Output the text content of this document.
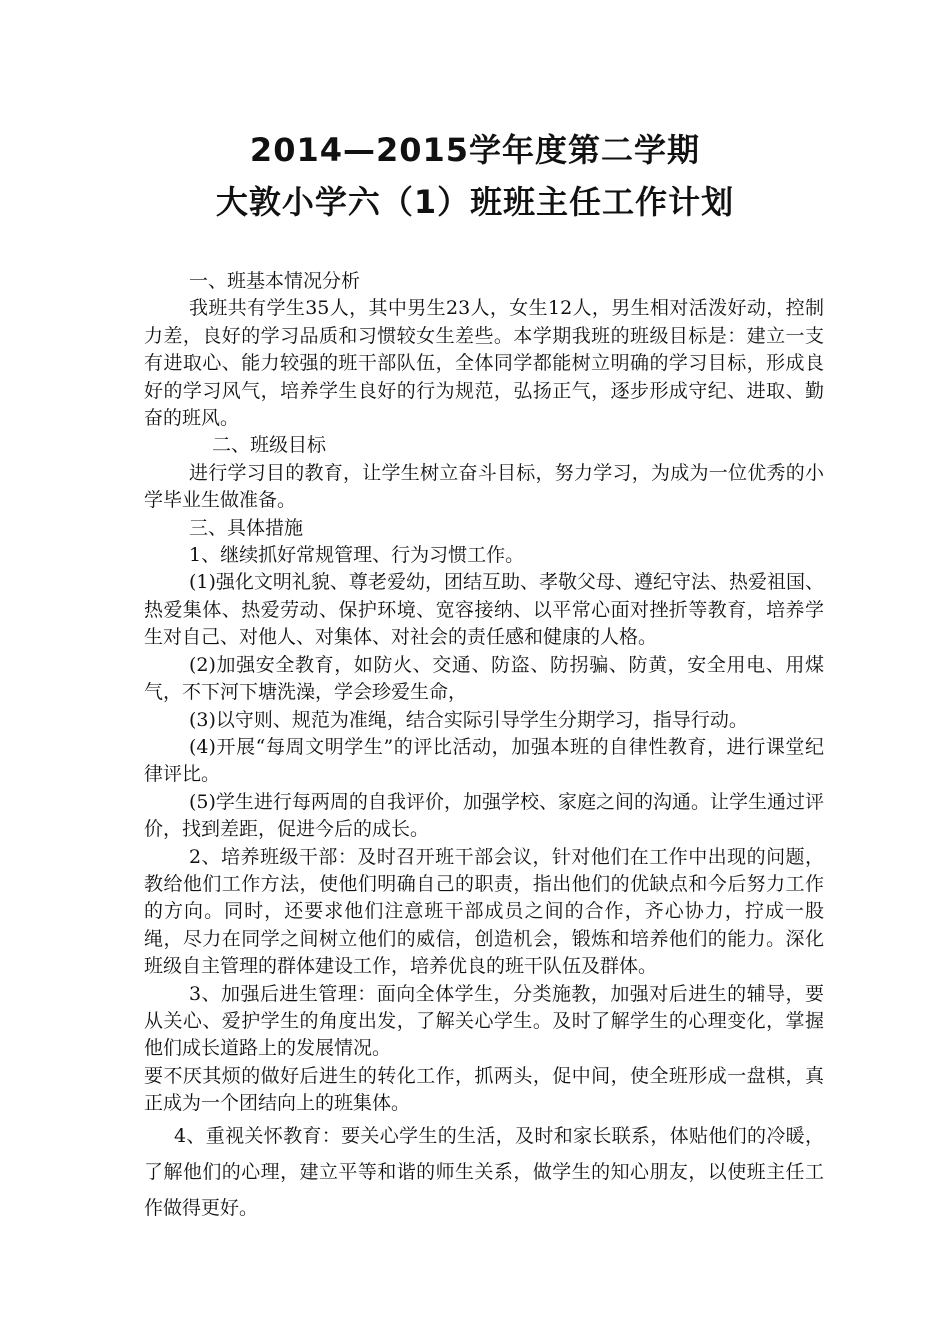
2014—2015学年度第二学期
大敦小学六（1）班班主任工作计划

一、班基本情况分析

我班共有学生35人，其中男生23人，女生12人，男生相对活泼好动，控制力差，良好的学习品质和习惯较女生差些。本学期我班的班级目标是：建立一支有进取心、能力较强的班干部队伍，全体同学都能树立明确的学习目标，形成良好的学习风气，培养学生良好的行为规范，弘扬正气，逐步形成守纪、进取、勤奋的班风。

二、班级目标

进行学习目的教育，让学生树立奋斗目标，努力学习，为成为一位优秀的小学毕业生做准备。

三、具体措施

1、继续抓好常规管理、行为习惯工作。

(1)强化文明礼貌、尊老爱幼，团结互助、孝敬父母、遵纪守法、热爱祖国、热爱集体、热爱劳动、保护环境、宽容接纳、以平常心面对挫折等教育，培养学生对自己、对他人、对集体、对社会的责任感和健康的人格。

(2)加强安全教育，如防火、交通、防盗、防拐骗、防黄，安全用电、用煤气，不下河下塘洗澡，学会珍爱生命，

(3)以守则、规范为准绳，结合实际引导学生分期学习，指导行动。

(4)开展“每周文明学生”的评比活动，加强本班的自律性教育，进行课堂纪律评比。

(5)学生进行每两周的自我评价，加强学校、家庭之间的沟通。让学生通过评价，找到差距，促进今后的成长。

2、培养班级干部：及时召开班干部会议，针对他们在工作中出现的问题，教给他们工作方法，使他们明确自己的职责，指出他们的优缺点和今后努力工作的方向。同时，还要求他们注意班干部成员之间的合作，齐心协力，拧成一股绳，尽力在同学之间树立他们的威信，创造机会，锻炼和培养他们的能力。深化班级自主管理的群体建设工作，培养优良的班干队伍及群体。

3、加强后进生管理：面向全体学生，分类施教，加强对后进生的辅导，要从关心、爱护学生的角度出发，了解关心学生。及时了解学生的心理变化，掌握他们成长道路上的发展情况。

要不厌其烦的做好后进生的转化工作，抓两头，促中间，使全班形成一盘棋，真正成为一个团结向上的班集体。

4、重视关怀教育：要关心学生的生活，及时和家长联系，体贴他们的冷暖，了解他们的心理，建立平等和谐的师生关系，做学生的知心朋友，以使班主任工作做得更好。
